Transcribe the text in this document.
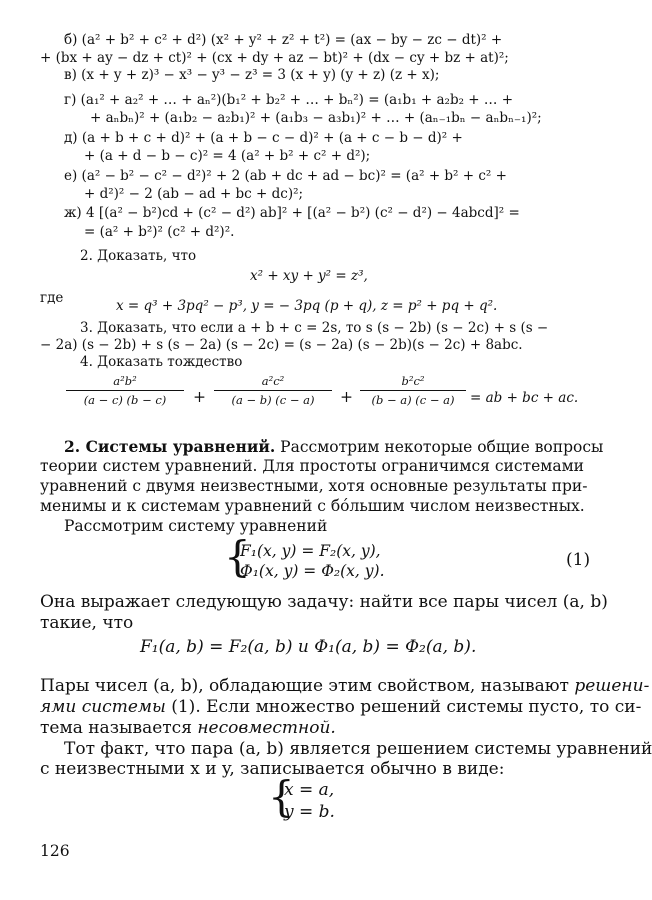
б) (a² + b² + c² + d²) (x² + y² + z² + t²) = (ax − by − zc − dt)² +
+ (bx + ay − dz + ct)² + (cx + dy + az − bt)² + (dx − cy + bz + at)²;
в) (x + y + z)³ − x³ − y³ − z³ = 3 (x + y) (y + z) (z + x);
г) (a₁² + a₂² + … + aₙ²)(b₁² + b₂² + … + bₙ²) = (a₁b₁ + a₂b₂ + … +
+ aₙbₙ)² + (a₁b₂ − a₂b₁)² + (a₁b₃ − a₃b₁)² + … + (aₙ₋₁bₙ − aₙbₙ₋₁)²;
д) (a + b + c + d)² + (a + b − c − d)² + (a + c − b − d)² +
+ (a + d − b − c)² = 4 (a² + b² + c² + d²);
е) (a² − b² − c² − d²)² + 2 (ab + dc + ad − bc)² = (a² + b² + c² +
+ d²)² − 2 (ab − ad + bc + dc)²;
ж) 4 [(a² − b²)cd + (c² − d²) ab]² + [(a² − b²) (c² − d²) − 4abcd]² =
= (a² + b²)² (c² + d²)².
2. Доказать, что
x² + xy + y² = z³,
где	x = q³ + 3pq² − p³, y = − 3pq (p + q), z = p² + pq + q².
3. Доказать, что если a + b + c = 2s, то s (s − 2b) (s − 2c) + s (s −
− 2a) (s − 2b) + s (s − 2a) (s − 2c) = (s − 2a) (s − 2b)(s − 2c) + 8abc.
4. Доказать тождество
a²b²
(a − c) (b − c)	+
a²c²
(a − b) (c − a)	+
b²c²
(b − a) (c − a)	= ab + bc + ac.
2. Системы уравнений. Рассмотрим некоторые общие вопросы
теории систем уравнений. Для простоты ограничимся системами
уравнений с двумя неизвестными, хотя основные результаты при-
менимы и к системам уравнений с бо́льшим числом неизвестных.
Рассмотрим систему уравнений
{
F₁(x, y) = F₂(x, y),
Φ₁(x, y) = Φ₂(x, y).
(1)
Она выражает следующую задачу: найти все пары чисел (a, b)
такие, что
F₁(a, b) = F₂(a, b) и Φ₁(a, b) = Φ₂(a, b).
Пары чисел (a, b), обладающие этим свойством, называют решени-
ями системы (1). Если множество решений системы пусто, то си-
тема называется несовместной.
Тот факт, что пара (a, b) является решением системы уравнений
с неизвестными x и y, записывается обычно в виде:
{
x = a,
y = b.
126
